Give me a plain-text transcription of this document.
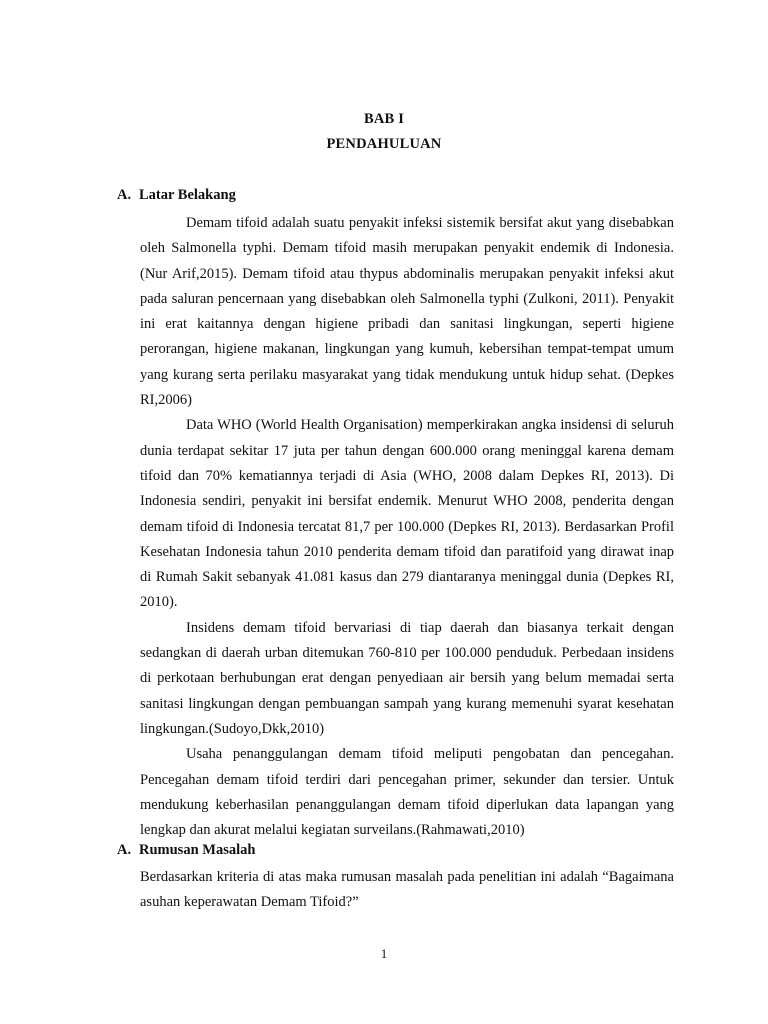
BAB I
PENDAHULUAN
A. Latar Belakang

Demam tifoid adalah suatu penyakit infeksi sistemik bersifat akut yang disebabkan oleh Salmonella typhi. Demam tifoid masih merupakan penyakit endemik di Indonesia.(Nur Arif,2015). Demam tifoid atau thypus abdominalis merupakan penyakit infeksi akut pada saluran pencernaan yang disebabkan oleh Salmonella typhi (Zulkoni, 2011). Penyakit ini erat kaitannya dengan higiene pribadi dan sanitasi lingkungan, seperti higiene perorangan, higiene makanan, lingkungan yang kumuh, kebersihan tempat-tempat umum yang kurang serta perilaku masyarakat yang tidak mendukung untuk hidup sehat. (Depkes RI,2006)

Data WHO (World Health Organisation) memperkirakan angka insidensi di seluruh dunia terdapat sekitar 17 juta per tahun dengan 600.000 orang meninggal karena demam tifoid dan 70% kematiannya terjadi di Asia (WHO, 2008 dalam Depkes RI, 2013). Di Indonesia sendiri, penyakit ini bersifat endemik. Menurut WHO 2008, penderita dengan demam tifoid di Indonesia tercatat 81,7 per 100.000 (Depkes RI, 2013). Berdasarkan Profil Kesehatan Indonesia tahun 2010 penderita demam tifoid dan paratifoid yang dirawat inap di Rumah Sakit sebanyak 41.081 kasus dan 279 diantaranya meninggal dunia (Depkes RI, 2010).

Insidens demam tifoid bervariasi di tiap daerah dan biasanya terkait dengan sedangkan di daerah urban ditemukan 760-810 per 100.000 penduduk. Perbedaan insidens di perkotaan berhubungan erat dengan penyediaan air bersih yang belum memadai serta sanitasi lingkungan dengan pembuangan sampah yang kurang memenuhi syarat kesehatan lingkungan.(Sudoyo,Dkk,2010)

Usaha penanggulangan demam tifoid meliputi pengobatan dan pencegahan. Pencegahan demam tifoid terdiri dari pencegahan primer, sekunder dan tersier. Untuk mendukung keberhasilan penanggulangan demam tifoid diperlukan data lapangan yang lengkap dan akurat melalui kegiatan surveilans.(Rahmawati,2010)

A. Rumusan Masalah

Berdasarkan kriteria di atas maka rumusan masalah pada penelitian ini adalah “Bagaimana asuhan keperawatan Demam Tifoid?”

1
